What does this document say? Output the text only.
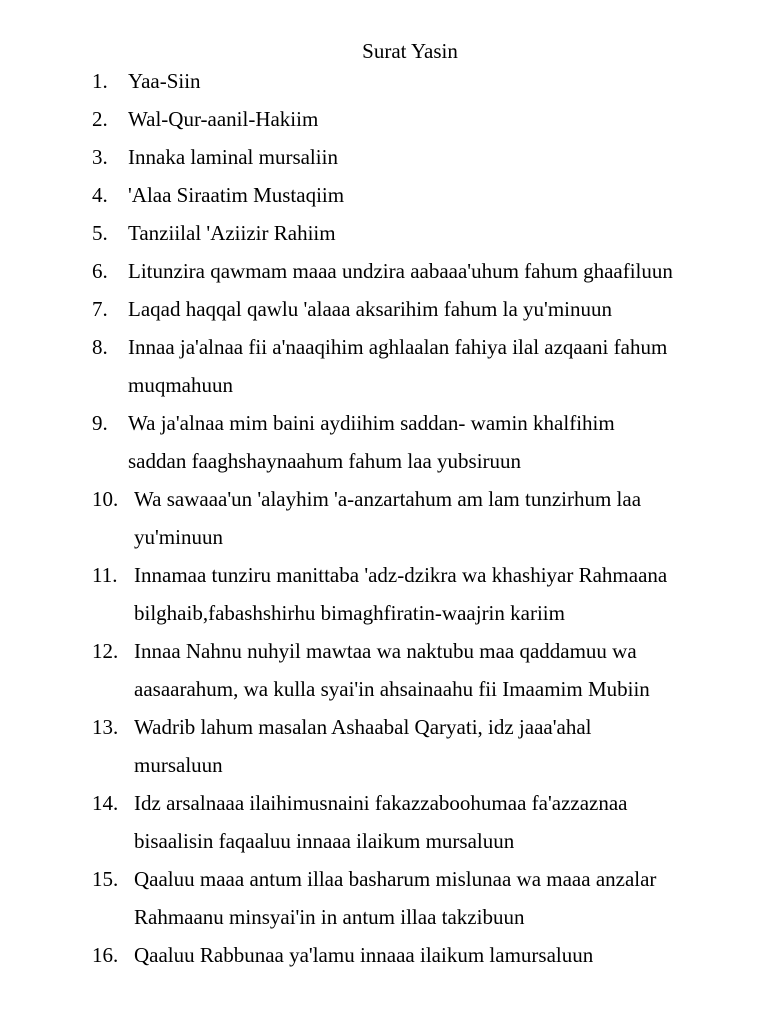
Surat Yasin
1. Yaa-Siin
2. Wal-Qur-aanil-Hakiim
3. Innaka laminal mursaliin
4. 'Alaa Siraatim Mustaqiim
5. Tanziilal 'Aziizir Rahiim
6. Litunzira qawmam maaa undzira aabaaa'uhum fahum ghaafiluun
7. Laqad haqqal qawlu 'alaaa aksarihim fahum la yu'minuun
8. Innaa ja'alnaa fii a'naaqihim aghlaalan fahiya ilal azqaani fahum
muqmahuun
9. Wa ja'alnaa mim baini aydiihim saddan- wamin khalfihim
saddan faaghshaynaahum fahum laa yubsiruun
10. Wa sawaaa'un 'alayhim 'a-anzartahum am lam tunzirhum laa
yu'minuun
11. Innamaa tunziru manittaba 'adz-dzikra wa khashiyar Rahmaana
bilghaib,fabashshirhu bimaghfiratin-waajrin kariim
12. Innaa Nahnu nuhyil mawtaa wa naktubu maa qaddamuu wa
aasaarahum, wa kulla syai'in ahsainaahu fii Imaamim Mubiin
13. Wadrib lahum masalan Ashaabal Qaryati, idz jaaa'ahal
mursaluun
14. Idz arsalnaaa ilaihimusnaini fakazzaboohumaa fa'azzaznaa
bisaalisin faqaaluu innaaa ilaikum mursaluun
15. Qaaluu maaa antum illaa basharum mislunaa wa maaa anzalar
Rahmaanu minsyai'in in antum illaa takzibuun
16. Qaaluu Rabbunaa ya'lamu innaaa ilaikum lamursaluun
